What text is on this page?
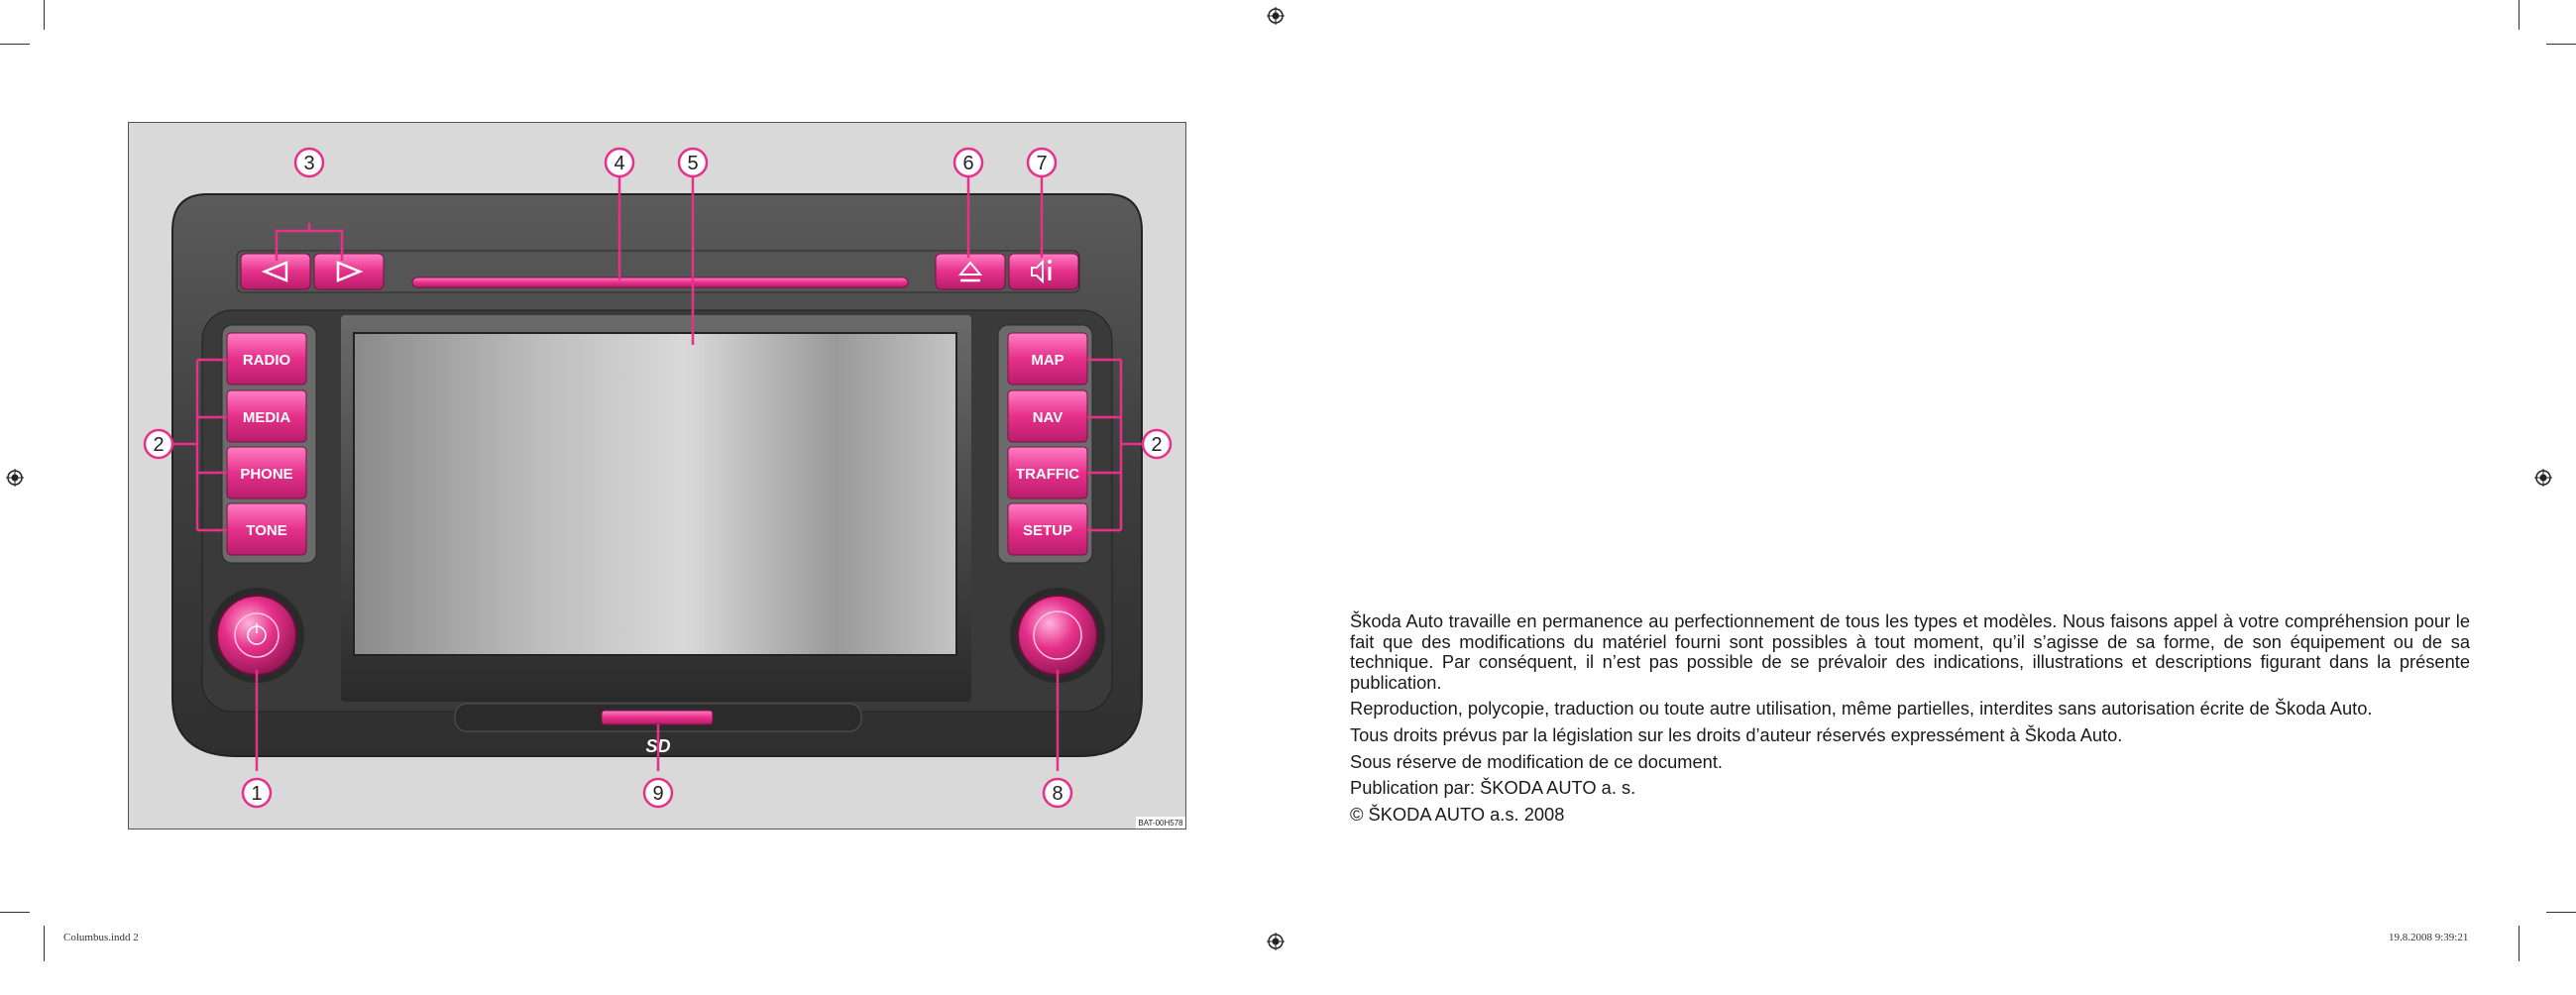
RADIO
MEDIA
PHONE
TONE
MAP
NAV
TRAFFIC
SETUP
SD
1
2	2
3	4	5	6	7
8
9
BAT-00H578

Škoda Auto travaille en permanence au perfectionnement de tous les types et modèles. Nous faisons appel à votre compréhension pour le fait que des modifications du matériel fourni sont possibles à tout moment, qu’il s’agisse de sa forme, de son équipement ou de sa technique. Par conséquent, il n’est pas possible de se prévaloir des indications, illustrations et descriptions figurant dans la présente publication.

Reproduction, polycopie, traduction ou toute autre utilisation, même partielles, interdites sans autorisation écrite de Škoda Auto.

Tous droits prévus par la législation sur les droits d’auteur réservés expressément à Škoda Auto.

Sous réserve de modification de ce document.

Publication par: ŠKODA AUTO a. s.

© ŠKODA AUTO a.s. 2008

Columbus.indd 2	19.8.2008 9:39:21
